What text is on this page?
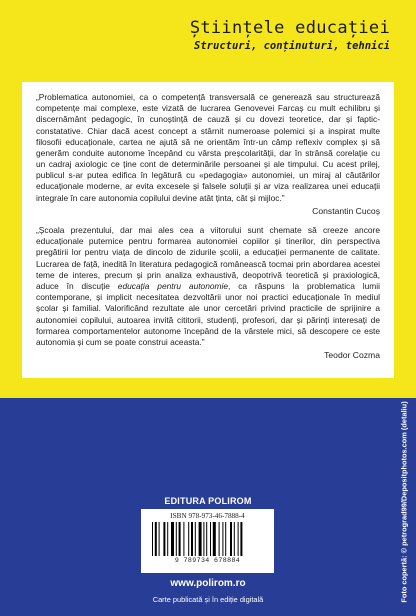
Științele educației
Structuri, conținuturi, tehnici

„Problematica autonomiei, ca o competență transversală ce generează sau structurează competențe mai complexe, este vizată de lucrarea Genovevei Farcaș cu mult echilibru și discernământ pedagogic, în cunoștință de cauză și cu dovezi teoretice, dar și faptic-constatative. Chiar dacă acest concept a stârnit numeroase polemici și a inspirat multe filosofii educaționale, cartea ne ajută să ne orientăm într-un câmp reflexiv complex și să generăm conduite autonome începând cu vârsta preșcolarității, dar în strânsă corelație cu un cadraj axiologic ce ține cont de determinările persoanei și ale timpului. Cu acest prilej, publicul s-ar putea edifica în legătură cu «pedagogia» autonomiei, un miraj al căutărilor educaționale moderne, ar evita excesele și falsele soluții și ar viza realizarea unei educații integrale în care autonomia copilului devine atât ținta, cât și mijloc.”

Constantin Cucoș

„Școala prezentului, dar mai ales cea a viitorului sunt chemate să creeze ancore educaționale puternice pentru formarea autonomiei copiilor și tinerilor, din perspectiva pregătirii lor pentru viața de dincolo de zidurile școlii, a educației permanente de calitate. Lucrarea de față, inedită în literatura pedagogică românească tocmai prin abordarea acestei teme de interes, precum și prin analiza exhaustivă, deopotrivă teoretică și praxiologică, aduce în discuție educația pentru autonomie, ca răspuns la problematica lumii contemporane, și implicit necesitatea dezvoltării unor noi practici educaționale în mediul școlar și familial. Valorificând rezultate ale unor cercetări privind practicile de sprijinire a autonomiei copilului, autoarea invită cititorii, studenți, profesori, dar și părinți interesați de formarea comportamentelor autonome începând de la vârstele mici, să descopere ce este autonomia și cum se poate construi aceasta.”

Teodor Cozma
Foto copertă: © petrograd99/Depositphotos.com (detaliu)
EDITURA POLIROM
ISBN 978-973-46-7888-4
9 789734 678884
www.polirom.ro
Carte publicată și în ediție digitală
